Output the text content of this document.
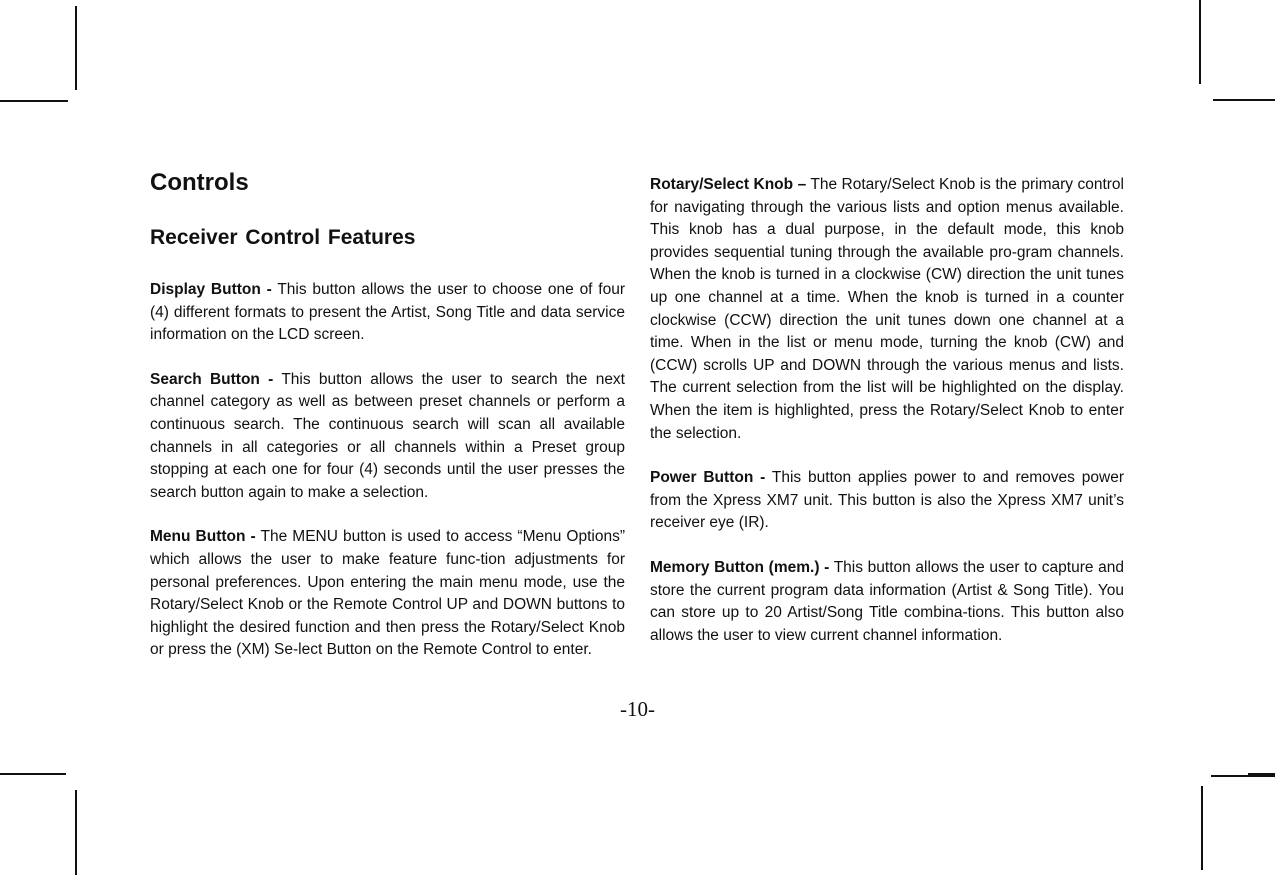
Controls
Receiver Control Features

Display Button - This button allows the user to choose one of four (4) different formats to present the Artist, Song Title and data service information on the LCD screen.

Search Button - This button allows the user to search the next channel category as well as between preset channels or perform a continuous search. The continuous search will scan all available channels in all categories or all channels within a Preset group stopping at each one for four (4) seconds until the user presses the search button again to make a selection.

Menu Button - The MENU button is used to access “Menu Options” which allows the user to make feature func-tion adjustments for personal preferences. Upon entering the main menu mode, use the Rotary/Select Knob or the Remote Control UP and DOWN buttons to highlight the desired function and then press the Rotary/Select Knob or press the (XM) Se-lect Button on the Remote Control to enter.

Rotary/Select Knob – The Rotary/Select Knob is the primary control for navigating through the various lists and option menus available. This knob has a dual purpose, in the default mode, this knob provides sequential tuning through the available pro-gram channels. When the knob is turned in a clockwise (CW) direction the unit tunes up one channel at a time. When the knob is turned in a counter clockwise (CCW) direction the unit tunes down one channel at a time. When in the list or menu mode, turning the knob (CW) and (CCW) scrolls UP and DOWN through the various menus and lists. The current selection from the list will be highlighted on the display. When the item is highlighted, press the Rotary/Select Knob to enter the selection.

Power Button - This button applies power to and removes power from the Xpress XM7 unit. This button is also the Xpress XM7 unit’s receiver eye (IR).

Memory Button (mem.) - This button allows the user to capture and store the current program data information (Artist & Song Title). You can store up to 20 Artist/Song Title combina-tions. This button also allows the user to view current channel information.

-10-
